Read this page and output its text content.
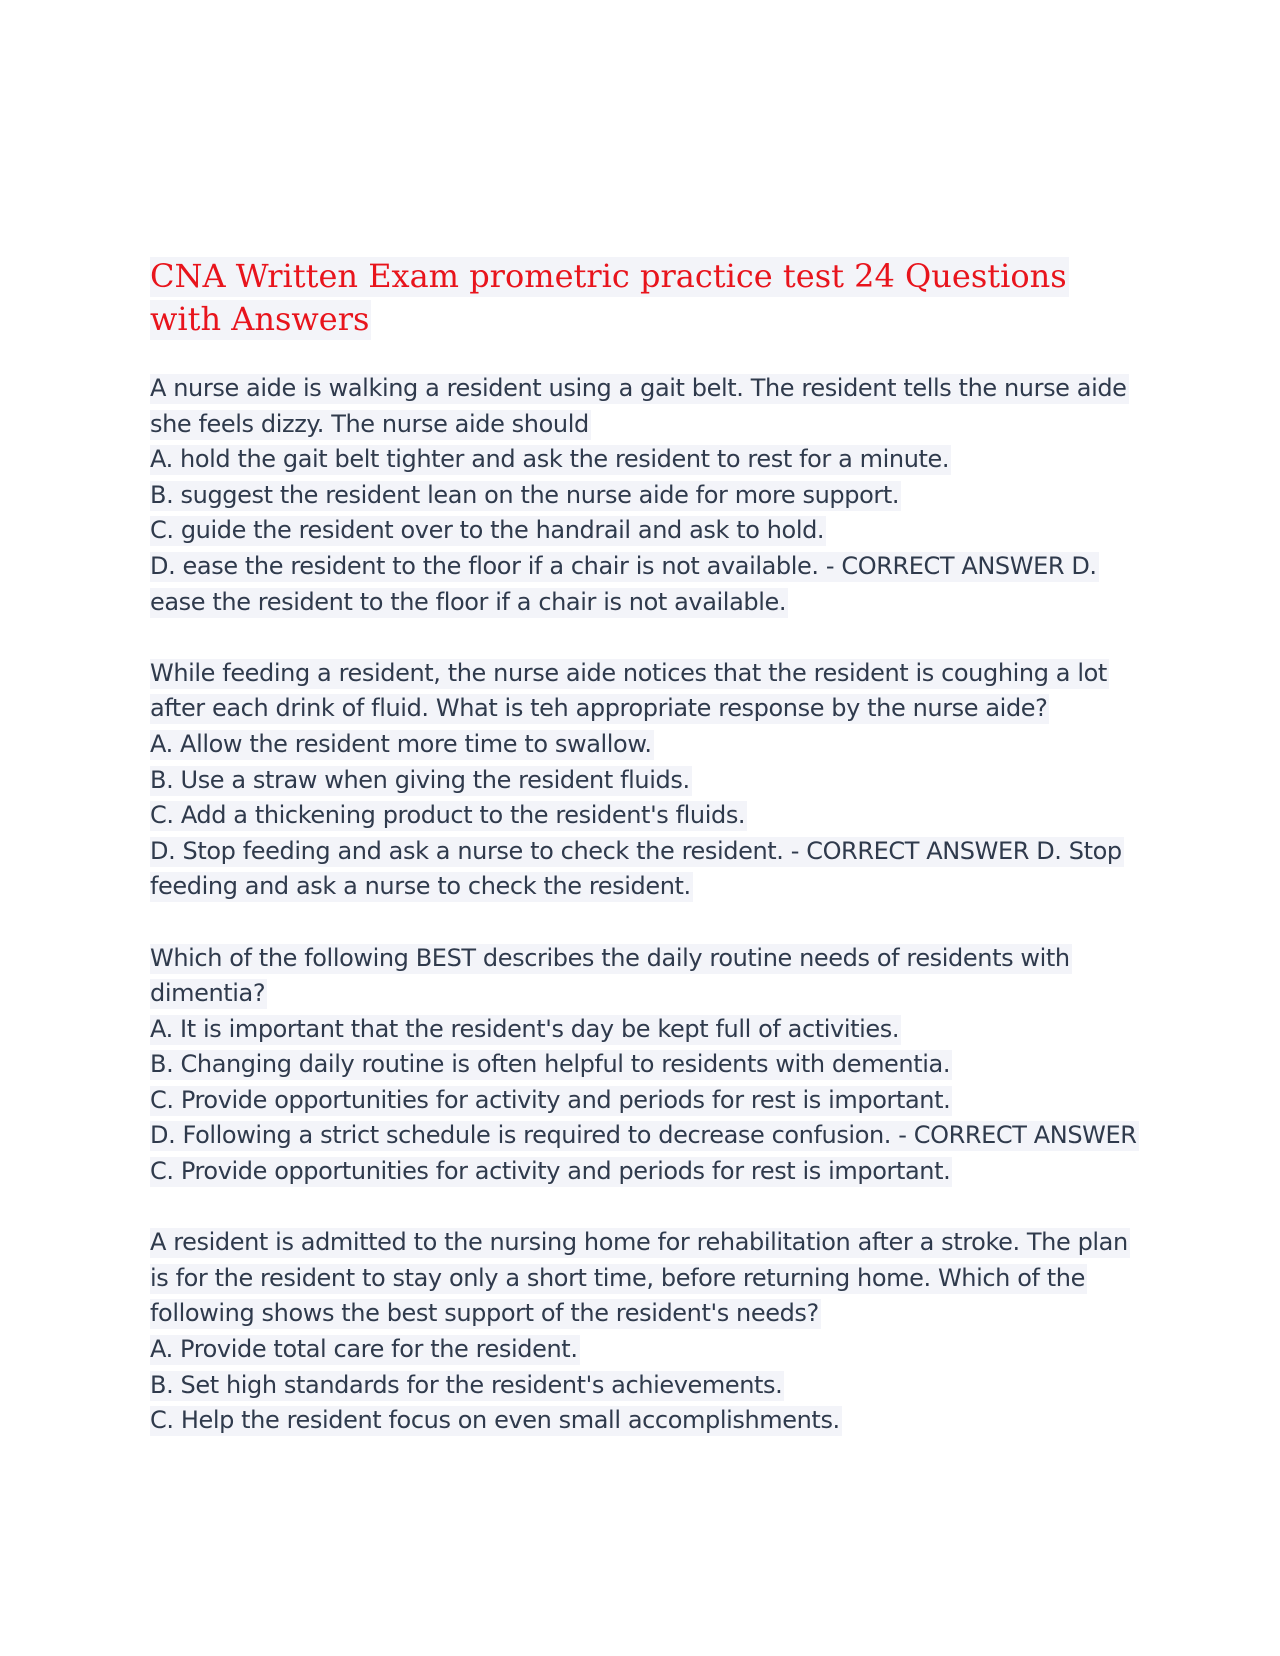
CNA Written Exam prometric practice test 24 Questions with Answers
A nurse aide is walking a resident using a gait belt. The resident tells the nurse aide she feels dizzy. The nurse aide should
A. hold the gait belt tighter and ask the resident to rest for a minute.
B. suggest the resident lean on the nurse aide for more support.
C. guide the resident over to the handrail and ask to hold.
D. ease the resident to the floor if a chair is not available. - CORRECT ANSWER D. ease the resident to the floor if a chair is not available.
While feeding a resident, the nurse aide notices that the resident is coughing a lot after each drink of fluid. What is teh appropriate response by the nurse aide?
A. Allow the resident more time to swallow.
B. Use a straw when giving the resident fluids.
C. Add a thickening product to the resident's fluids.
D. Stop feeding and ask a nurse to check the resident. - CORRECT ANSWER D. Stop feeding and ask a nurse to check the resident.
Which of the following BEST describes the daily routine needs of residents with dimentia?
A. It is important that the resident's day be kept full of activities.
B. Changing daily routine is often helpful to residents with dementia.
C. Provide opportunities for activity and periods for rest is important.
D. Following a strict schedule is required to decrease confusion. - CORRECT ANSWER C. Provide opportunities for activity and periods for rest is important.
A resident is admitted to the nursing home for rehabilitation after a stroke. The plan is for the resident to stay only a short time, before returning home. Which of the following shows the best support of the resident's needs?
A. Provide total care for the resident.
B. Set high standards for the resident's achievements.
C. Help the resident focus on even small accomplishments.
